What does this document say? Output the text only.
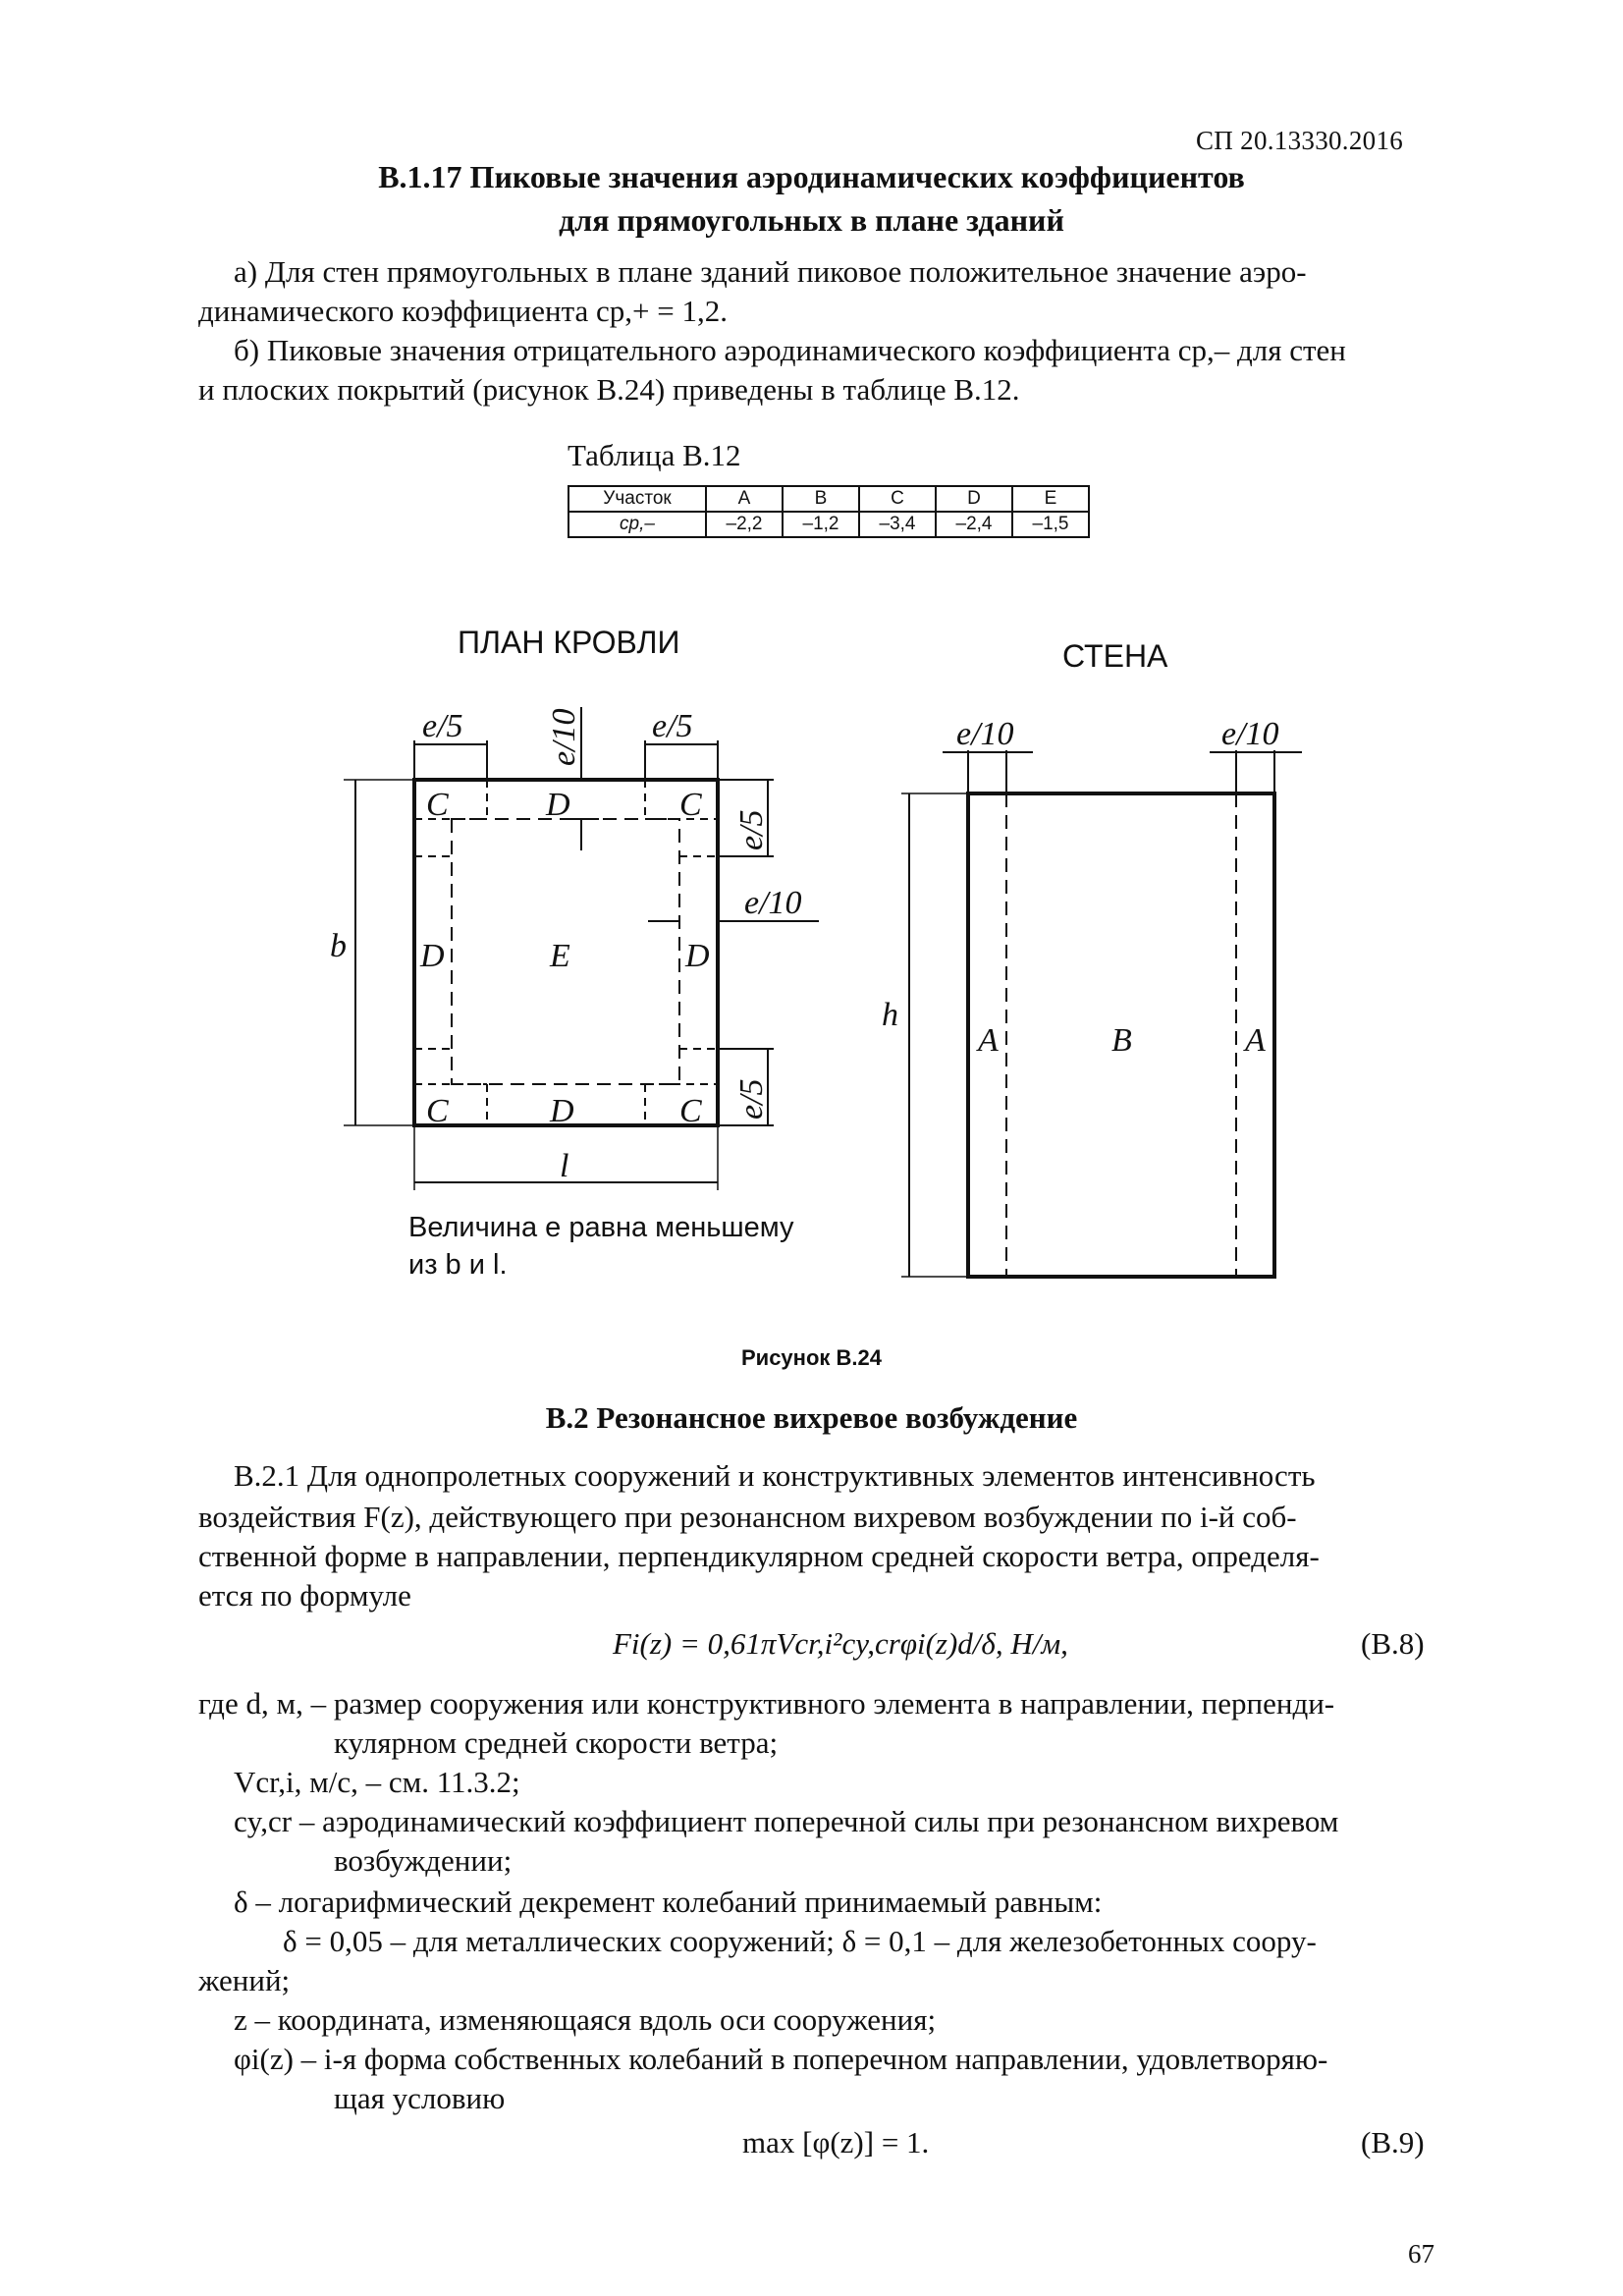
СП 20.13330.2016
В.1.17 Пиковые значения аэродинамических коэффициентов
для прямоугольных в плане зданий
а) Для стен прямоугольных в плане зданий пиковое положительное значение аэро-
динамического коэффициента cp,+ = 1,2.
б) Пиковые значения отрицательного аэродинамического коэффициента cp,– для стен
и плоских покрытий (рисунок В.24) приведены в таблице В.12.
Таблица В.12
Участок	A	B	C	D	E
cp,–	–2,2	–1,2	–3,4	–2,4	–1,5
ПЛАН КРОВЛИ	СТЕНА
C	D	C
D	E	D
C	D	C
e/5	e/5
e/10
e/5
e/10
e/5
b
l
e/10	e/10
h
A	B	A
Величина e равна меньшему
из b и l.
Рисунок В.24
В.2 Резонансное вихревое возбуждение
В.2.1 Для однопролетных сооружений и конструктивных элементов интенсивность
воздействия F(z), действующего при резонансном вихревом возбуждении по i-й соб-
ственной форме в направлении, перпендикулярном средней скорости ветра, определя-
ется по формуле
Fi(z) = 0,61πVcr,i²cy,crφi(z)d/δ, Н/м,	(В.8)
где d, м, – размер сооружения или конструктивного элемента в направлении, перпенди-
кулярном средней скорости ветра;
Vcr,i, м/с, – см. 11.3.2;
cy,cr – аэродинамический коэффициент поперечной силы при резонансном вихревом
возбуждении;
δ – логарифмический декремент колебаний принимаемый равным:
δ = 0,05 – для металлических сооружений; δ = 0,1 – для железобетонных соору-
жений;
z – координата, изменяющаяся вдоль оси сооружения;
φi(z) – i-я форма собственных колебаний в поперечном направлении, удовлетворяю-
щая условию
max [φ(z)] = 1.	(В.9)
67
